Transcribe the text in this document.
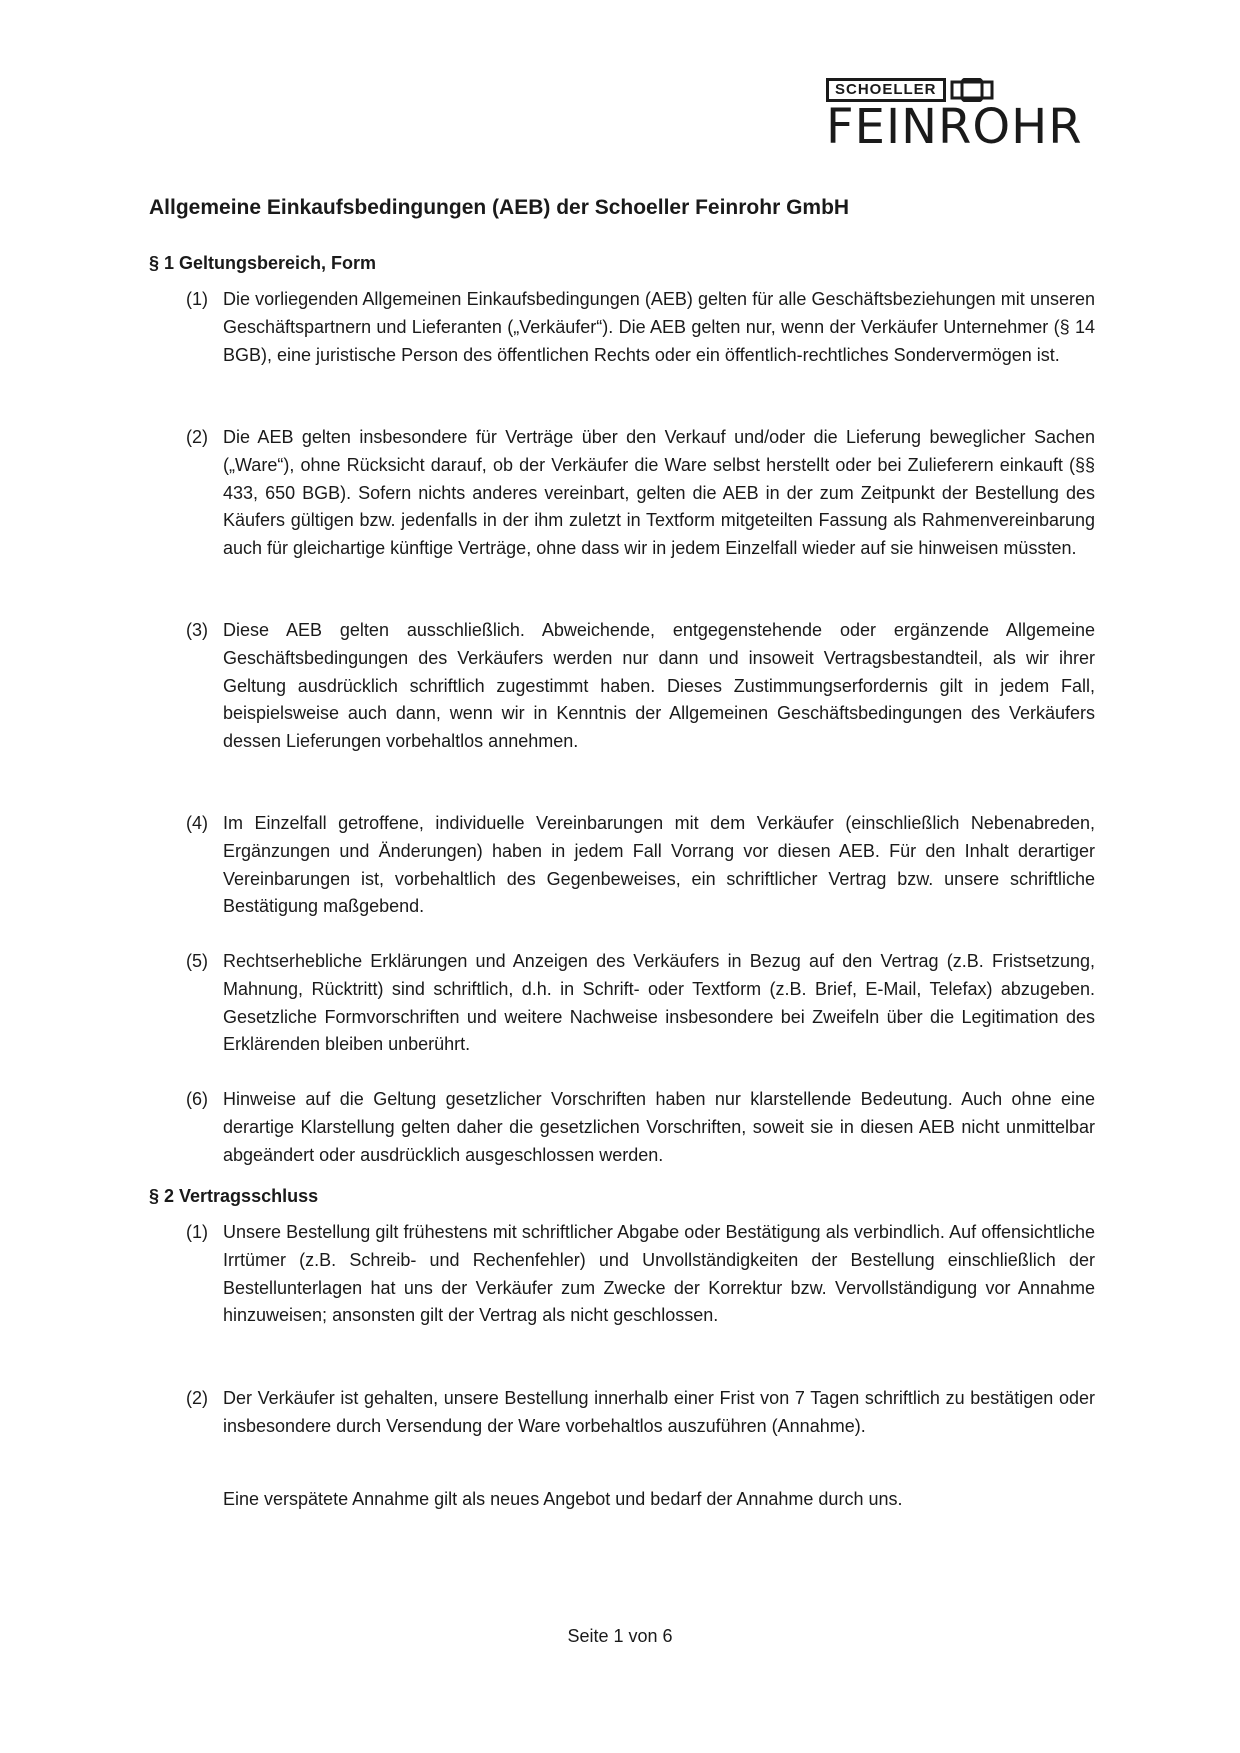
SCHOELLER
FEINROHR
Allgemeine Einkaufsbedingungen (AEB) der Schoeller Feinrohr GmbH
§ 1 Geltungsbereich, Form
(1) Die vorliegenden Allgemeinen Einkaufsbedingungen (AEB) gelten für alle Geschäftsbeziehungen mit unseren Geschäftspartnern und Lieferanten („Verkäufer“). Die AEB gelten nur, wenn der Verkäufer Unternehmer (§ 14 BGB), eine juristische Person des öffentlichen Rechts oder ein öffentlich-rechtliches Sondervermögen ist.
(2) Die AEB gelten insbesondere für Verträge über den Verkauf und/oder die Lieferung beweglicher Sachen („Ware“), ohne Rücksicht darauf, ob der Verkäufer die Ware selbst herstellt oder bei Zulieferern einkauft (§§ 433, 650 BGB). Sofern nichts anderes vereinbart, gelten die AEB in der zum Zeitpunkt der Bestellung des Käufers gültigen bzw. jedenfalls in der ihm zuletzt in Textform mitgeteilten Fassung als Rahmenvereinbarung auch für gleichartige künftige Verträge, ohne dass wir in jedem Einzelfall wieder auf sie hinweisen müssten.
(3) Diese AEB gelten ausschließlich. Abweichende, entgegenstehende oder ergänzende Allgemeine Geschäftsbedingungen des Verkäufers werden nur dann und insoweit Vertragsbestandteil, als wir ihrer Geltung ausdrücklich schriftlich zugestimmt haben. Dieses Zustimmungserfordernis gilt in jedem Fall, beispielsweise auch dann, wenn wir in Kenntnis der Allgemeinen Geschäftsbedingungen des Verkäufers dessen Lieferungen vorbehaltlos annehmen.
(4) Im Einzelfall getroffene, individuelle Vereinbarungen mit dem Verkäufer (einschließlich Nebenabreden, Ergänzungen und Änderungen) haben in jedem Fall Vorrang vor diesen AEB. Für den Inhalt derartiger Vereinbarungen ist, vorbehaltlich des Gegenbeweises, ein schriftlicher Vertrag bzw. unsere schriftliche Bestätigung maßgebend.
(5) Rechtserhebliche Erklärungen und Anzeigen des Verkäufers in Bezug auf den Vertrag (z.B. Fristsetzung, Mahnung, Rücktritt) sind schriftlich, d.h. in Schrift- oder Textform (z.B. Brief, E-Mail, Telefax) abzugeben. Gesetzliche Formvorschriften und weitere Nachweise insbesondere bei Zweifeln über die Legitimation des Erklärenden bleiben unberührt.
(6) Hinweise auf die Geltung gesetzlicher Vorschriften haben nur klarstellende Bedeutung. Auch ohne eine derartige Klarstellung gelten daher die gesetzlichen Vorschriften, soweit sie in diesen AEB nicht unmittelbar abgeändert oder ausdrücklich ausgeschlossen werden.
§ 2 Vertragsschluss
(1) Unsere Bestellung gilt frühestens mit schriftlicher Abgabe oder Bestätigung als verbindlich. Auf offensichtliche Irrtümer (z.B. Schreib- und Rechenfehler) und Unvollständigkeiten der Bestellung einschließlich der Bestellunterlagen hat uns der Verkäufer zum Zwecke der Korrektur bzw. Vervollständigung vor Annahme hinzuweisen; ansonsten gilt der Vertrag als nicht geschlossen.
(2) Der Verkäufer ist gehalten, unsere Bestellung innerhalb einer Frist von 7 Tagen schriftlich zu bestätigen oder insbesondere durch Versendung der Ware vorbehaltlos auszuführen (Annahme).
Eine verspätete Annahme gilt als neues Angebot und bedarf der Annahme durch uns.
Seite 1 von 6
